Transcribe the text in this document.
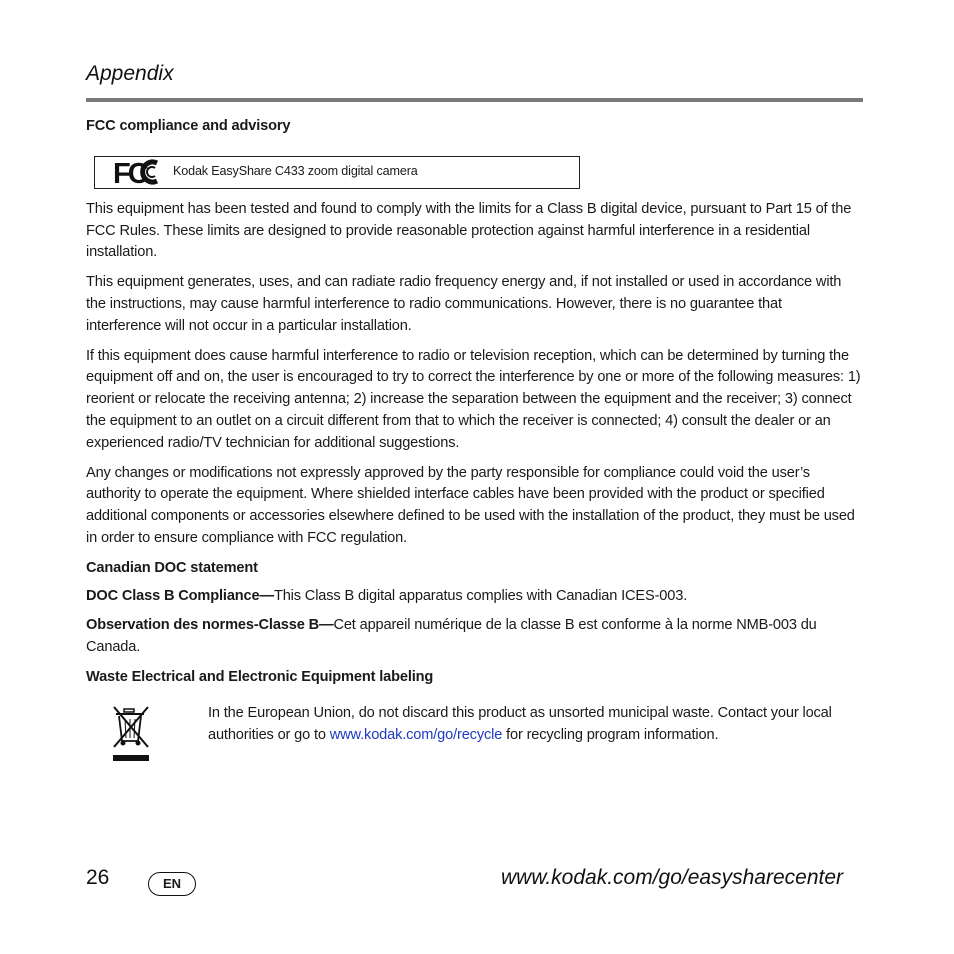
Appendix
FCC compliance and advisory
FC Kodak EasyShare C433 zoom digital camera

This equipment has been tested and found to comply with the limits for a Class B digital device, pursuant to Part 15 of the FCC Rules. These limits are designed to provide reasonable protection against harmful interference in a residential installation.

This equipment generates, uses, and can radiate radio frequency energy and, if not installed or used in accordance with the instructions, may cause harmful interference to radio communications. However, there is no guarantee that interference will not occur in a particular installation.

If this equipment does cause harmful interference to radio or television reception, which can be determined by turning the equipment off and on, the user is encouraged to try to correct the interference by one or more of the following measures: 1) reorient or relocate the receiving antenna; 2) increase the separation between the equipment and the receiver; 3) connect the equipment to an outlet on a circuit different from that to which the receiver is connected; 4) consult the dealer or an experienced radio/TV technician for additional suggestions.

Any changes or modifications not expressly approved by the party responsible for compliance could void the user’s authority to operate the equipment. Where shielded interface cables have been provided with the product or specified additional components or accessories elsewhere defined to be used with the installation of the product, they must be used in order to ensure compliance with FCC regulation.

Canadian DOC statement

DOC Class B Compliance—This Class B digital apparatus complies with Canadian ICES-003.

Observation des normes-Classe B—Cet appareil numérique de la classe B est conforme à la norme NMB-003 du Canada.

Waste Electrical and Electronic Equipment labeling
In the European Union, do not discard this product as unsorted municipal waste. Contact your local authorities or go to www.kodak.com/go/recycle for recycling program information.
26	EN	www.kodak.com/go/easysharecenter
